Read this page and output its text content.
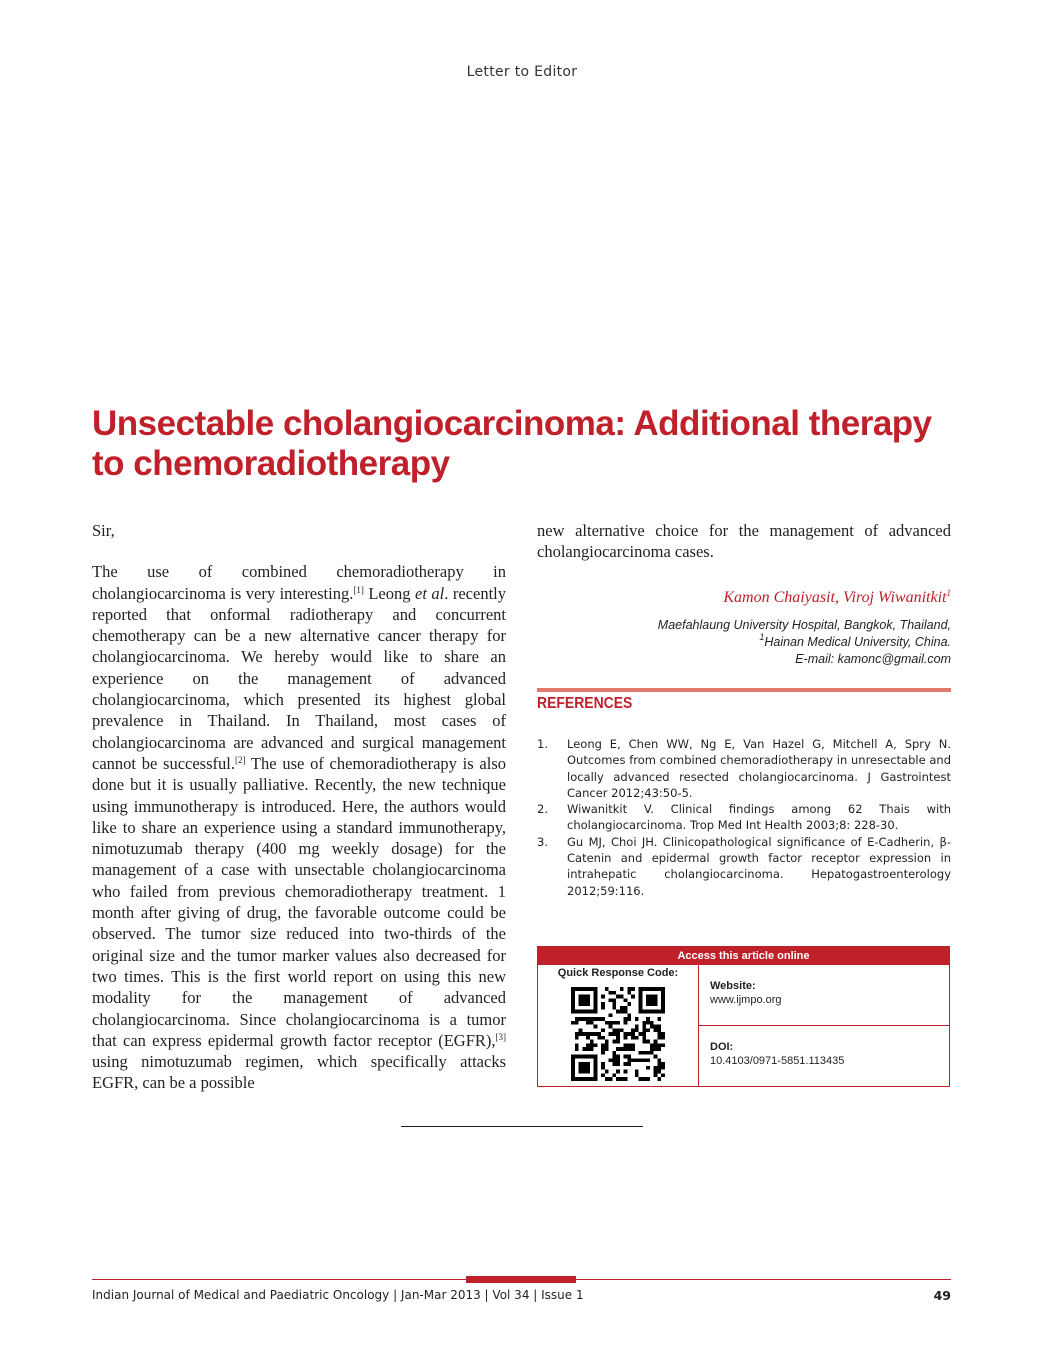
Letter to Editor
Unsectable cholangiocarcinoma: Additional therapy to chemoradiotherapy

Sir,

The use of combined chemoradiotherapy in cholangiocarcinoma is very interesting.[1] Leong et al. recently reported that onformal radiotherapy and concurrent chemotherapy can be a new alternative cancer therapy for cholangiocarcinoma. We hereby would like to share an experience on the management of advanced cholangiocarcinoma, which presented its highest global prevalence in Thailand. In Thailand, most cases of cholangiocarcinoma are advanced and surgical management cannot be successful.[2] The use of chemoradiotherapy is also done but it is usually palliative. Recently, the new technique using immunotherapy is introduced. Here, the authors would like to share an experience using a standard immunotherapy, nimotuzumab therapy (400 mg weekly dosage) for the management of a case with unsectable cholangiocarcinoma who failed from previous chemoradiotherapy treatment. 1 month after giving of drug, the favorable outcome could be observed. The tumor size reduced into two-thirds of the original size and the tumor marker values also decreased for two times. This is the first world report on using this new modality for the management of advanced cholangiocarcinoma. Since cholangiocarcinoma is a tumor that can express epidermal growth factor receptor (EGFR),[3] using nimotuzumab regimen, which specifically attacks EGFR, can be a possible

new alternative choice for the management of advanced cholangiocarcinoma cases.

Kamon Chaiyasit, Viroj Wiwanitkit$^1$
Maefahlaung University Hospital, Bangkok, Thailand,
$^1$Hainan Medical University, China.
E-mail: kamonc@gmail.com
REFERENCES
1.	Leong E, Chen WW, Ng E, Van Hazel G, Mitchell A, Spry N. Outcomes from combined chemoradiotherapy in unresectable and locally advanced resected cholangiocarcinoma. J Gastrointest Cancer 2012;43:50-5.
2.	Wiwanitkit V. Clinical findings among 62 Thais with cholangiocarcinoma. Trop Med Int Health 2003;8: 228-30.
3.	Gu MJ, Choi JH. Clinicopathological significance of E-Cadherin, β-Catenin and epidermal growth factor receptor expression in intrahepatic cholangiocarcinoma. Hepatogastroenterology 2012;59:116.
Access this article online
Quick Response Code:
Website:
www.ijmpo.org
DOI:
10.4103/0971-5851.113435
Indian Journal of Medical and Paediatric Oncology | Jan-Mar 2013 | Vol 34 | Issue 1	49
